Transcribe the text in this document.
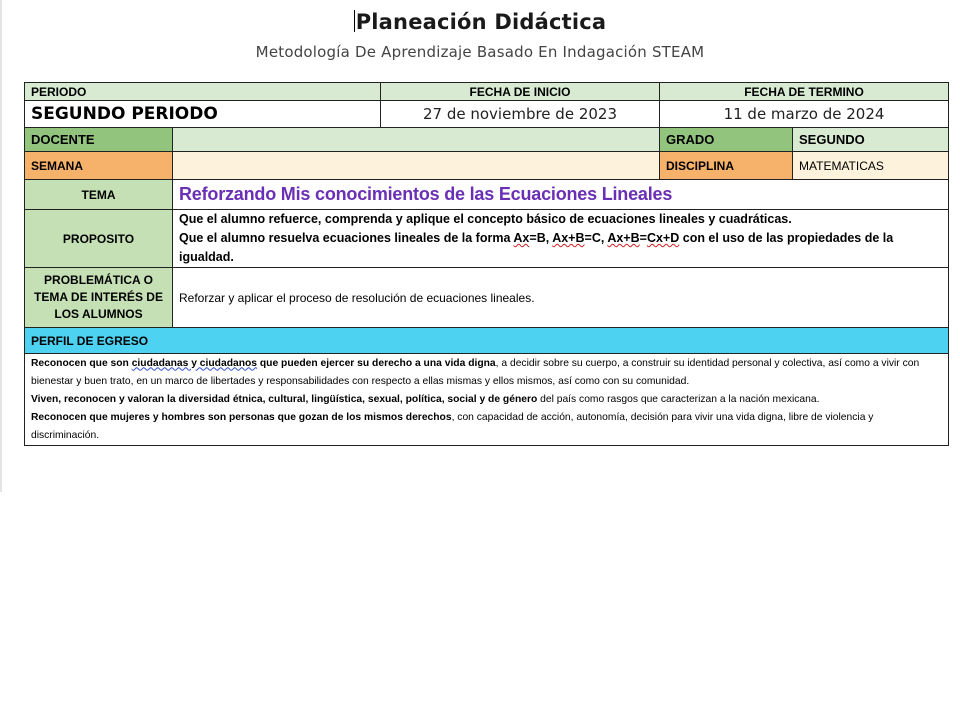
Planeación Didáctica
Metodología De Aprendizaje Basado En Indagación STEAM
PERIODO		FECHA DE INICIO	FECHA DE TERMINO	
SEGUNDO PERIODO		27 de noviembre de 2023	11 de marzo de 2024	
DOCENTE			GRADO	SEGUNDO
SEMANA			DISCIPLINA	MATEMATICAS
TEMA	Reforzando Mis conocimientos de las Ecuaciones Lineales			
PROPOSITO	Que el alumno refuerce, comprenda y aplique el concepto básico de ecuaciones lineales y cuadráticas.
Que el alumno resuelva ecuaciones lineales de la forma Ax=B, Ax+B=C, Ax+B=Cx+D con el uso de las propiedades de la igualdad.			

PROBLEMÁTICA O TEMA DE INTERÉS DE LOS ALUMNOS	Reforzar y aplicar el proceso de resolución de ecuaciones lineales.			
PERFIL DE EGRESO				

Reconocen que son ciudadanas y ciudadanos que pueden ejercer su derecho a una vida digna, a decidir sobre su cuerpo, a construir su identidad personal y colectiva, así como a vivir con bienestar y buen trato, en un marco de libertades y responsabilidades con respecto a ellas mismas y ellos mismos, así como con su comunidad.
Viven, reconocen y valoran la diversidad étnica, cultural, lingüística, sexual, política, social y de género del país como rasgos que caracterizan a la nación mexicana.
Reconocen que mujeres y hombres son personas que gozan de los mismos derechos, con capacidad de acción, autonomía, decisión para vivir una vida digna, libre de violencia y discriminación.				
